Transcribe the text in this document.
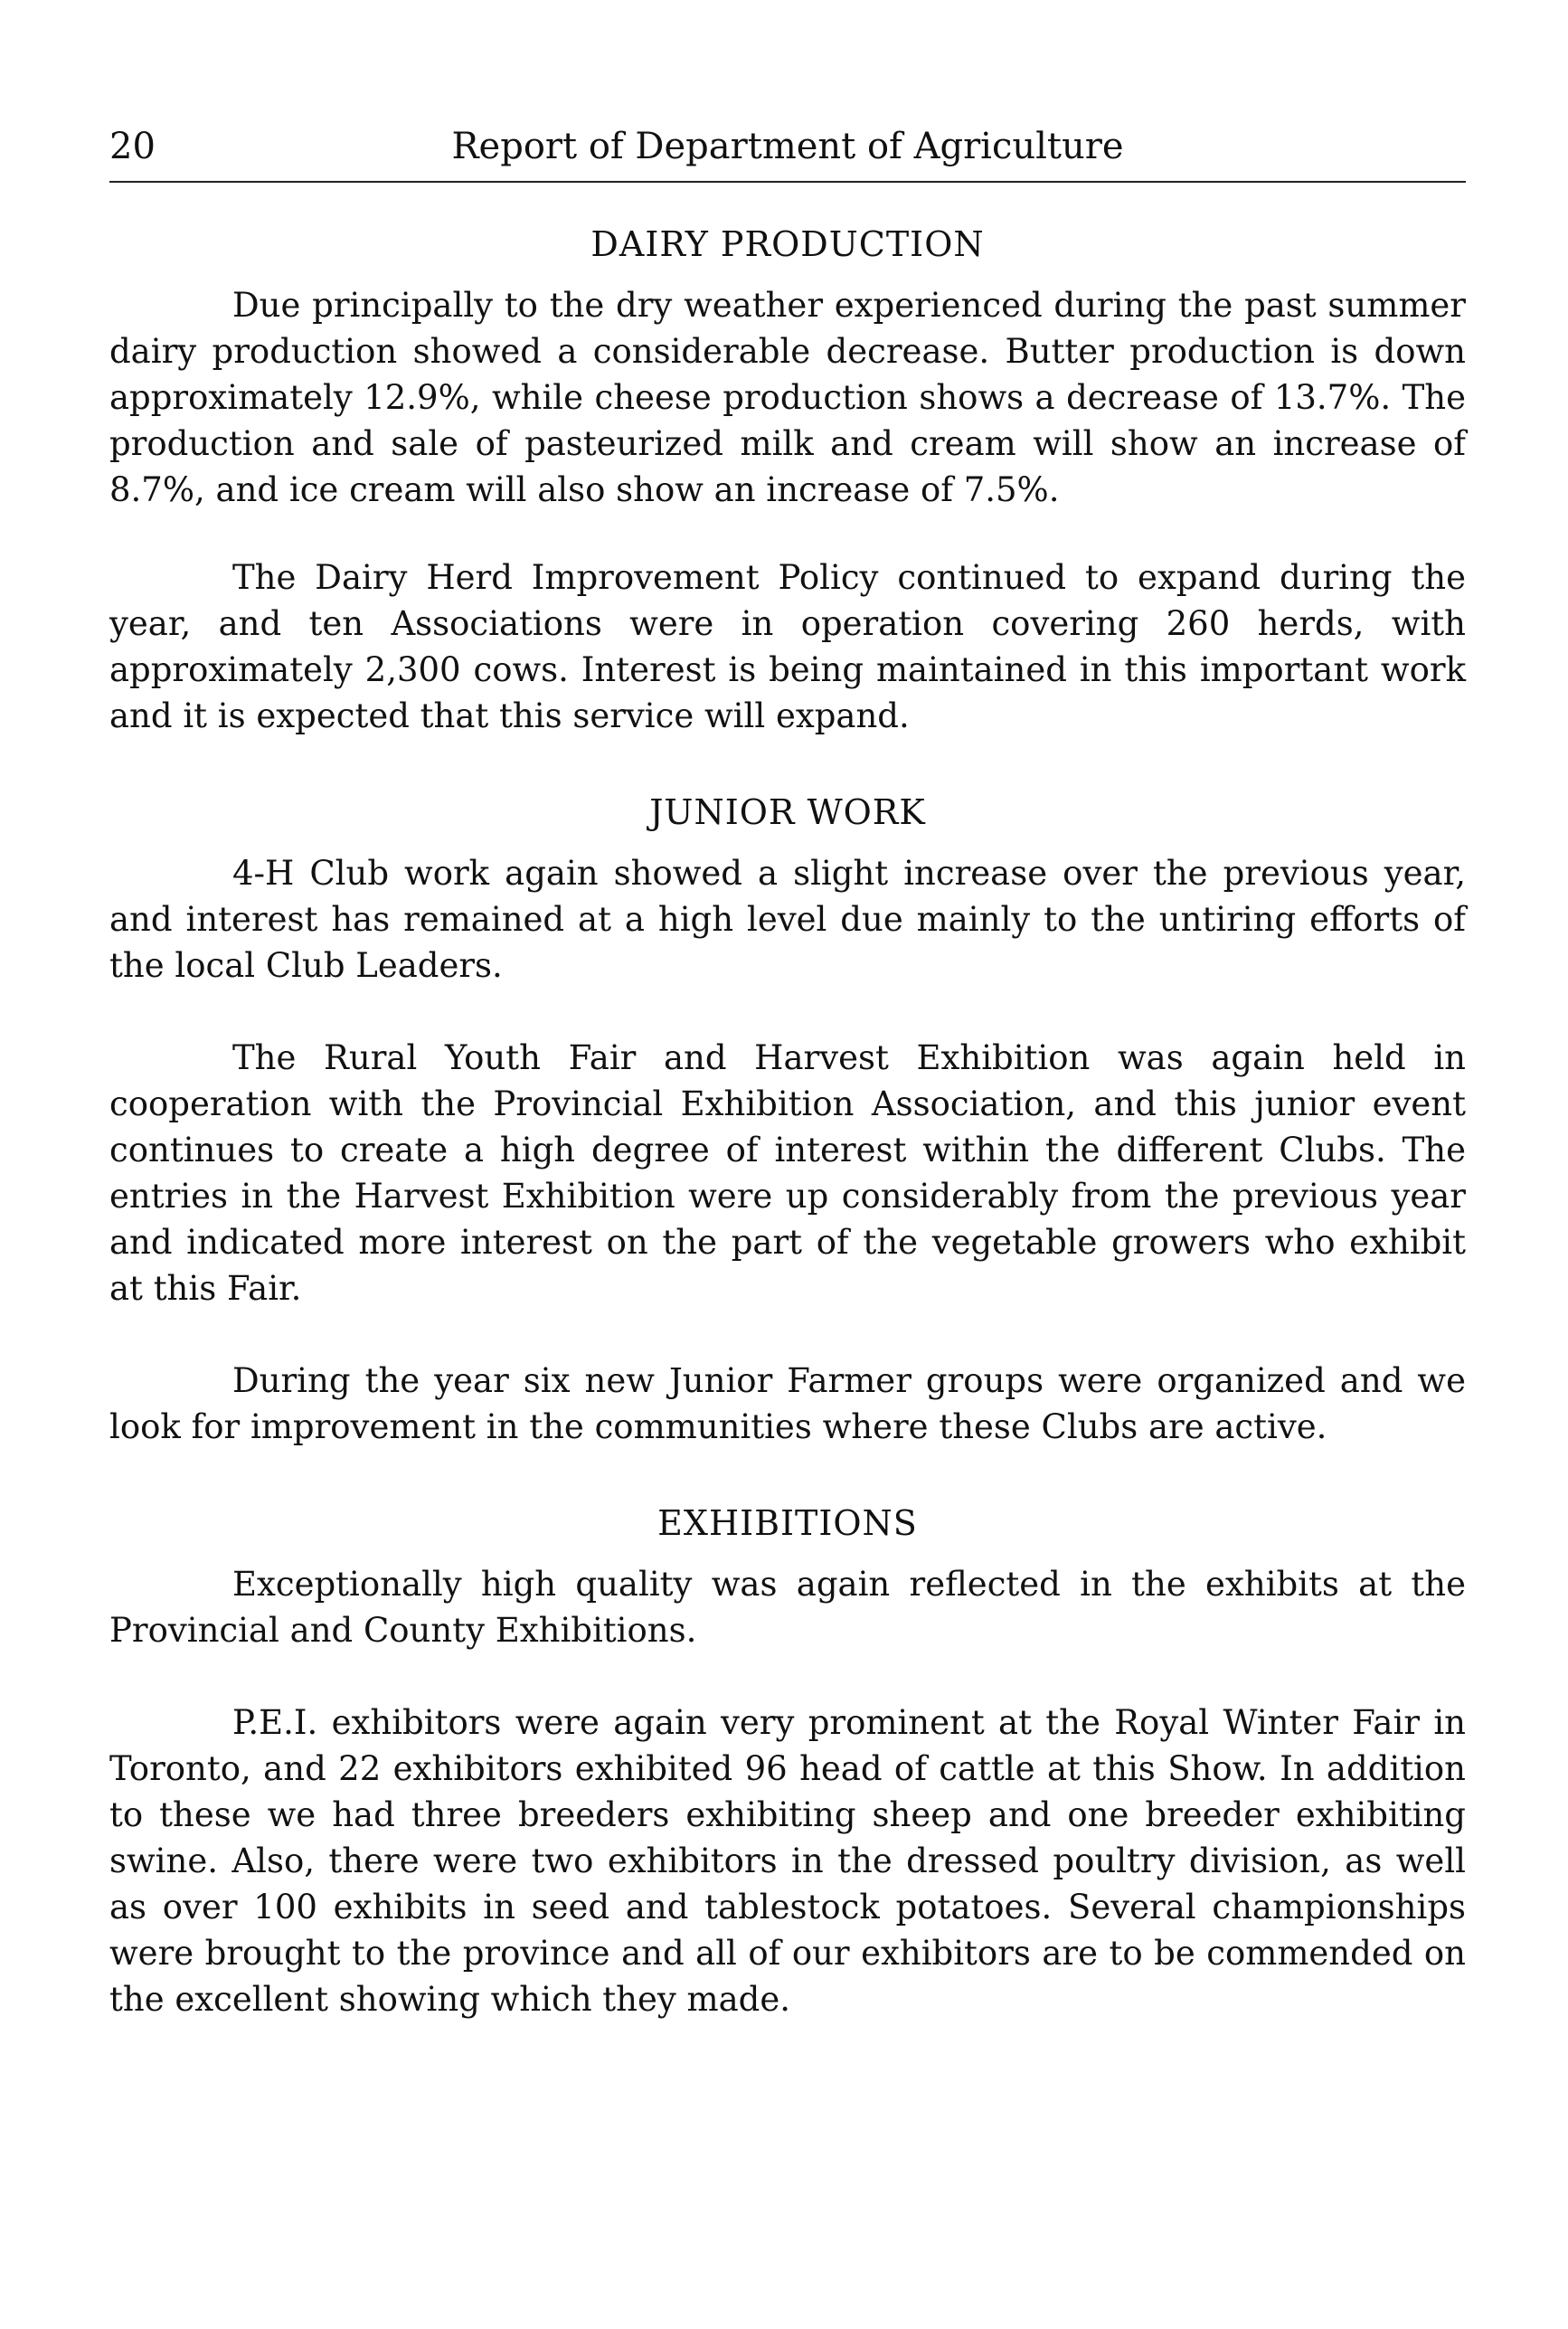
20	Report of Department of Agriculture
DAIRY PRODUCTION

Due principally to the dry weather experienced during the past summer dairy production showed a considerable decrease. Butter production is down approximately 12.9%, while cheese production shows a decrease of 13.7%. The production and sale of pasteurized milk and cream will show an increase of 8.7%, and ice cream will also show an increase of 7.5%.

The Dairy Herd Improvement Policy continued to expand during the year, and ten Associations were in operation covering 260 herds, with approximately 2,300 cows. Interest is being maintained in this important work and it is expected that this service will expand.

JUNIOR WORK

4-H Club work again showed a slight increase over the previous year, and interest has remained at a high level due mainly to the untiring efforts of the local Club Leaders.

The Rural Youth Fair and Harvest Exhibition was again held in cooperation with the Provincial Exhibition Association, and this junior event continues to create a high degree of interest within the different Clubs. The entries in the Harvest Exhibition were up considerably from the previous year and indicated more interest on the part of the vegetable growers who exhibit at this Fair.

During the year six new Junior Farmer groups were organized and we look for improvement in the communities where these Clubs are active.

EXHIBITIONS

Exceptionally high quality was again reflected in the exhibits at the Provincial and County Exhibitions.

P.E.I. exhibitors were again very prominent at the Royal Winter Fair in Toronto, and 22 exhibitors exhibited 96 head of cattle at this Show. In addition to these we had three breeders exhibiting sheep and one breeder exhibiting swine. Also, there were two exhibitors in the dressed poultry division, as well as over 100 exhibits in seed and tablestock potatoes. Several championships were brought to the province and all of our exhibitors are to be commended on the excellent showing which they made.
